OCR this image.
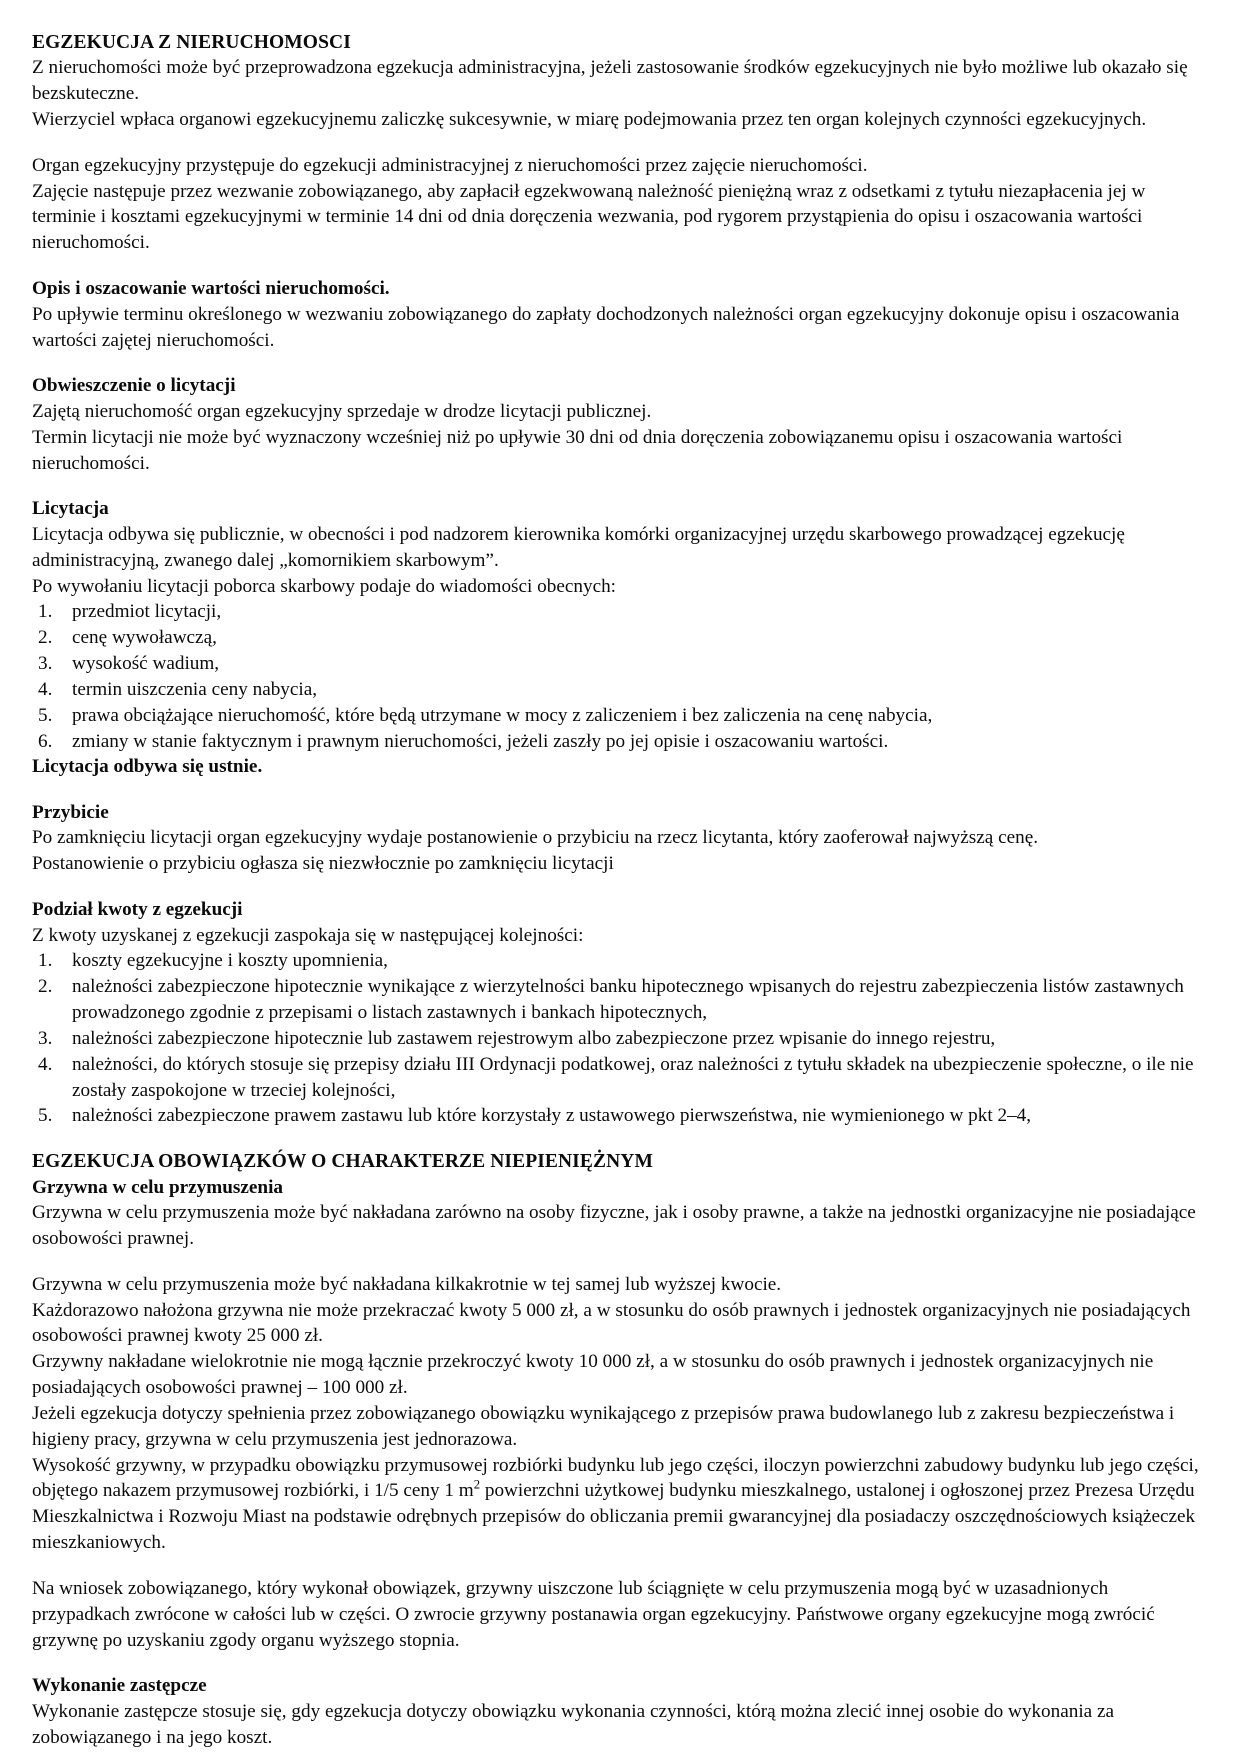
EGZEKUCJA Z NIERUCHOMOSCI

Z nieruchomości może być przeprowadzona egzekucja administracyjna, jeżeli zastosowanie środków egzekucyjnych nie było możliwe lub okazało się bezskuteczne.

Wierzyciel wpłaca organowi egzekucyjnemu zaliczkę sukcesywnie, w miarę podejmowania przez ten organ kolejnych czynności egzekucyjnych.

Organ egzekucyjny przystępuje do egzekucji administracyjnej z nieruchomości przez zajęcie nieruchomości.

Zajęcie następuje przez wezwanie zobowiązanego, aby zapłacił egzekwowaną należność pieniężną wraz z odsetkami z tytułu niezapłacenia jej w terminie i kosztami egzekucyjnymi w terminie 14 dni od dnia doręczenia wezwania, pod rygorem przystąpienia do opisu i oszacowania wartości nieruchomości.

Opis i oszacowanie wartości nieruchomości.

Po upływie terminu określonego w wezwaniu zobowiązanego do zapłaty dochodzonych należności organ egzekucyjny dokonuje opisu i oszacowania wartości zajętej nieruchomości.

Obwieszczenie o licytacji

Zajętą nieruchomość organ egzekucyjny sprzedaje w drodze licytacji publicznej.

Termin licytacji nie może być wyznaczony wcześniej niż po upływie 30 dni od dnia doręczenia zobowiązanemu opisu i oszacowania wartości nieruchomości.

Licytacja

Licytacja odbywa się publicznie, w obecności i pod nadzorem kierownika komórki organizacyjnej urzędu skarbowego prowadzącej egzekucję administracyjną, zwanego dalej „komornikiem skarbowym”.

Po wywołaniu licytacji poborca skarbowy podaje do wiadomości obecnych:

1.	przedmiot licytacji,
2.	cenę wywoławczą,
3.	wysokość wadium,
4.	termin uiszczenia ceny nabycia,
5.	prawa obciążające nieruchomość, które będą utrzymane w mocy z zaliczeniem i bez zaliczenia na cenę nabycia,
6.	zmiany w stanie faktycznym i prawnym nieruchomości, jeżeli zaszły po jej opisie i oszacowaniu wartości.
Licytacja odbywa się ustnie.
Przybicie

Po zamknięciu licytacji organ egzekucyjny wydaje postanowienie o przybiciu na rzecz licytanta, który zaoferował najwyższą cenę.

Postanowienie o przybiciu ogłasza się niezwłocznie po zamknięciu licytacji

Podział kwoty z egzekucji

Z kwoty uzyskanej z egzekucji zaspokaja się w następującej kolejności:

1.	koszty egzekucyjne i koszty upomnienia,
2.	należności zabezpieczone hipotecznie wynikające z wierzytelności banku hipotecznego wpisanych do rejestru zabezpieczenia listów zastawnych prowadzonego zgodnie z przepisami o listach zastawnych i bankach hipotecznych,
3.	należności zabezpieczone hipotecznie lub zastawem rejestrowym albo zabezpieczone przez wpisanie do innego rejestru,
4.	należności, do których stosuje się przepisy działu III Ordynacji podatkowej, oraz należności z tytułu składek na ubezpieczenie społeczne, o ile nie zostały zaspokojone w trzeciej kolejności,
5.	należności zabezpieczone prawem zastawu lub które korzystały z ustawowego pierwszeństwa, nie wymienionego w pkt 2–4,
EGZEKUCJA OBOWIĄZKÓW O CHARAKTERZE NIEPIENIĘŻNYM
Grzywna w celu przymuszenia

Grzywna w celu przymuszenia może być nakładana zarówno na osoby fizyczne, jak i osoby prawne, a także na jednostki organizacyjne nie posiadające osobowości prawnej.

Grzywna w celu przymuszenia może być nakładana kilkakrotnie w tej samej lub wyższej kwocie.

Każdorazowo nałożona grzywna nie może przekraczać kwoty 5 000 zł, a w stosunku do osób prawnych i jednostek organizacyjnych nie posiadających osobowości prawnej kwoty 25 000 zł.

Grzywny nakładane wielokrotnie nie mogą łącznie przekroczyć kwoty 10 000 zł, a w stosunku do osób prawnych i jednostek organizacyjnych nie posiadających osobowości prawnej – 100 000 zł.

Jeżeli egzekucja dotyczy spełnienia przez zobowiązanego obowiązku wynikającego z przepisów prawa budowlanego lub z zakresu bezpieczeństwa i higieny pracy, grzywna w celu przymuszenia jest jednorazowa.

Wysokość grzywny, w przypadku obowiązku przymusowej rozbiórki budynku lub jego części, iloczyn powierzchni zabudowy budynku lub jego części, objętego nakazem przymusowej rozbiórki, i 1/5 ceny 1 $m^2$ powierzchni użytkowej budynku mieszkalnego, ustalonej i ogłoszonej przez Prezesa Urzędu Mieszkalnictwa i Rozwoju Miast na podstawie odrębnych przepisów do obliczania premii gwarancyjnej dla posiadaczy oszczędnościowych książeczek mieszkaniowych.

Na wniosek zobowiązanego, który wykonał obowiązek, grzywny uiszczone lub ściągnięte w celu przymuszenia mogą być w uzasadnionych przypadkach zwrócone w całości lub w części. O zwrocie grzywny postanawia organ egzekucyjny. Państwowe organy egzekucyjne mogą zwrócić grzywnę po uzyskaniu zgody organu wyższego stopnia.

Wykonanie zastępcze

Wykonanie zastępcze stosuje się, gdy egzekucja dotyczy obowiązku wykonania czynności, którą można zlecić innej osobie do wykonania za zobowiązanego i na jego koszt.
